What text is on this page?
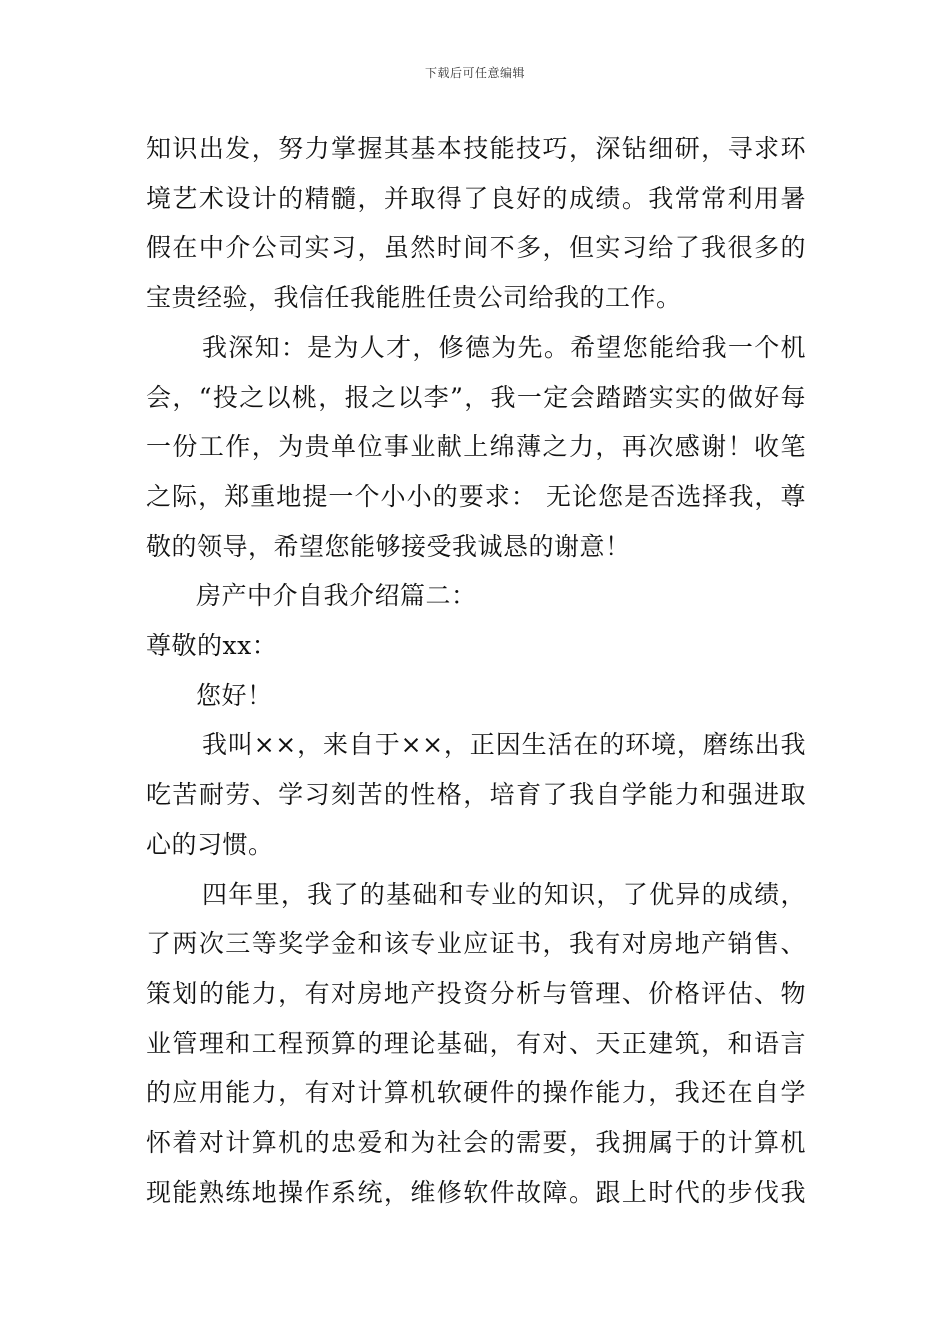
下载后可任意编辑

知识出发，努力掌握其基本技能技巧，深钻细研，寻求环境艺术设计的精髓，并取得了良好的成绩。我常常利用暑假在中介公司实习，虽然时间不多，但实习给了我很多的宝贵经验，我信任我能胜任贵公司给我的工作。

我深知：是为人才，修德为先。希望您能给我一个机会，“投之以桃，报之以李”，我一定会踏踏实实的做好每一份工作，为贵单位事业献上绵薄之力，再次感谢！收笔之际，郑重地提一个小小的要求： 无论您是否选择我，尊敬的领导，希望您能够接受我诚恳的谢意！

房产中介自我介绍篇二：

尊敬的xx：

您好！

我叫××，来自于××，正因生活在的环境，磨练出我吃苦耐劳、学习刻苦的性格，培育了我自学能力和强进取心的习惯。

四年里，我了的基础和专业的知识，了优异的成绩，了两次三等奖学金和该专业应证书，我有对房地产销售、策划的能力，有对房地产投资分析与管理、价格评估、物业管理和工程预算的理论基础，有对、天正建筑，和语言的应用能力，有对计算机软硬件的操作能力，我还在自学怀着对计算机的忠爱和为社会的需要，我拥属于的计算机现能熟练地操作系统，维修软件故障。跟上时代的步伐我
